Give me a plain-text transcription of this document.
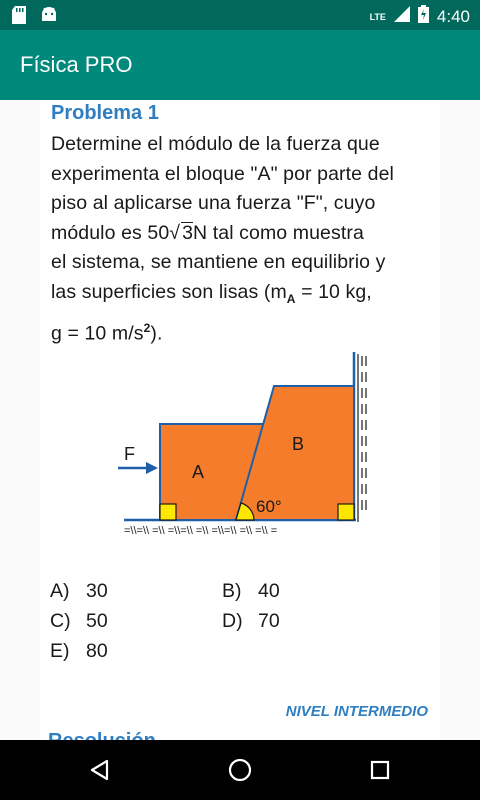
LTE	4:40
Física PRO
Problema 1
Determine el módulo de la fuerza que
experimenta el bloque "A" por parte del
piso al aplicarse una fuerza "F", cuyo
módulo es 50√ 3N tal como muestra
el sistema, se mantiene en equilibrio y
las superficies son lisas ($m_A = 10$ kg,
g = 10 $m/s^2$).
=\\=\\ =\\ =\\=\\ =\\ =\\=\\ =\\ =\\ =
F
A
B
60°
A) 30	B) 40
C) 50	D) 70
E) 80
NIVEL INTERMEDIO
